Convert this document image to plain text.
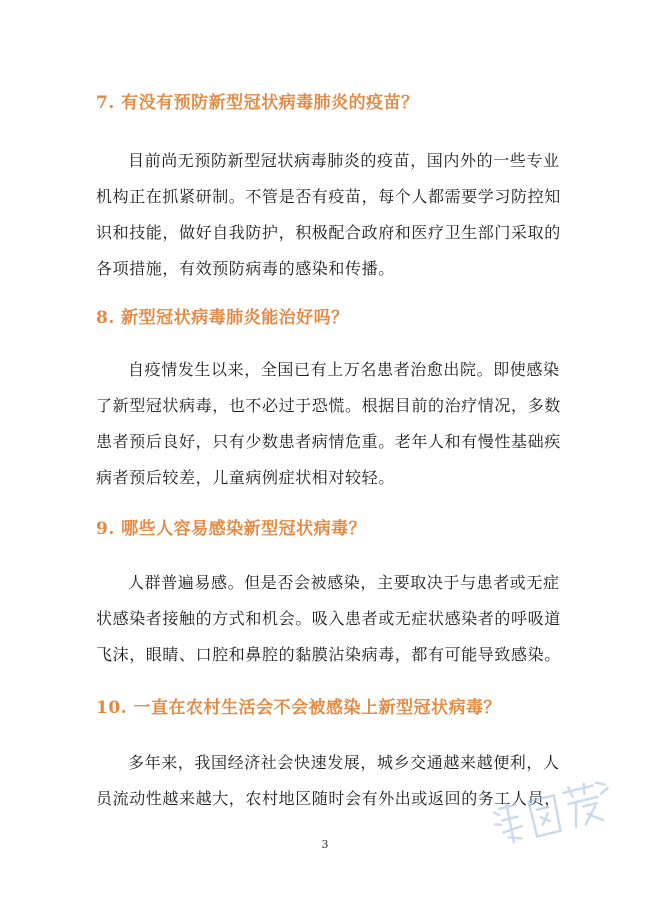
7. 有没有预防新型冠状病毒肺炎的疫苗？
目前尚无预防新型冠状病毒肺炎的疫苗，国内外的一些专业
机构正在抓紧研制。不管是否有疫苗，每个人都需要学习防控知
识和技能，做好自我防护，积极配合政府和医疗卫生部门采取的
各项措施，有效预防病毒的感染和传播。
8. 新型冠状病毒肺炎能治好吗？
自疫情发生以来，全国已有上万名患者治愈出院。即使感染
了新型冠状病毒，也不必过于恐慌。根据目前的治疗情况，多数
患者预后良好，只有少数患者病情危重。老年人和有慢性基础疾
病者预后较差，儿童病例症状相对较轻。
9. 哪些人容易感染新型冠状病毒？
人群普遍易感。但是否会被感染，主要取决于与患者或无症
状感染者接触的方式和机会。吸入患者或无症状感染者的呼吸道
飞沫，眼睛、口腔和鼻腔的黏膜沾染病毒，都有可能导致感染。
10. 一直在农村生活会不会被感染上新型冠状病毒？
多年来，我国经济社会快速发展，城乡交通越来越便利，人
员流动性越来越大，农村地区随时会有外出或返回的务工人员，
3
